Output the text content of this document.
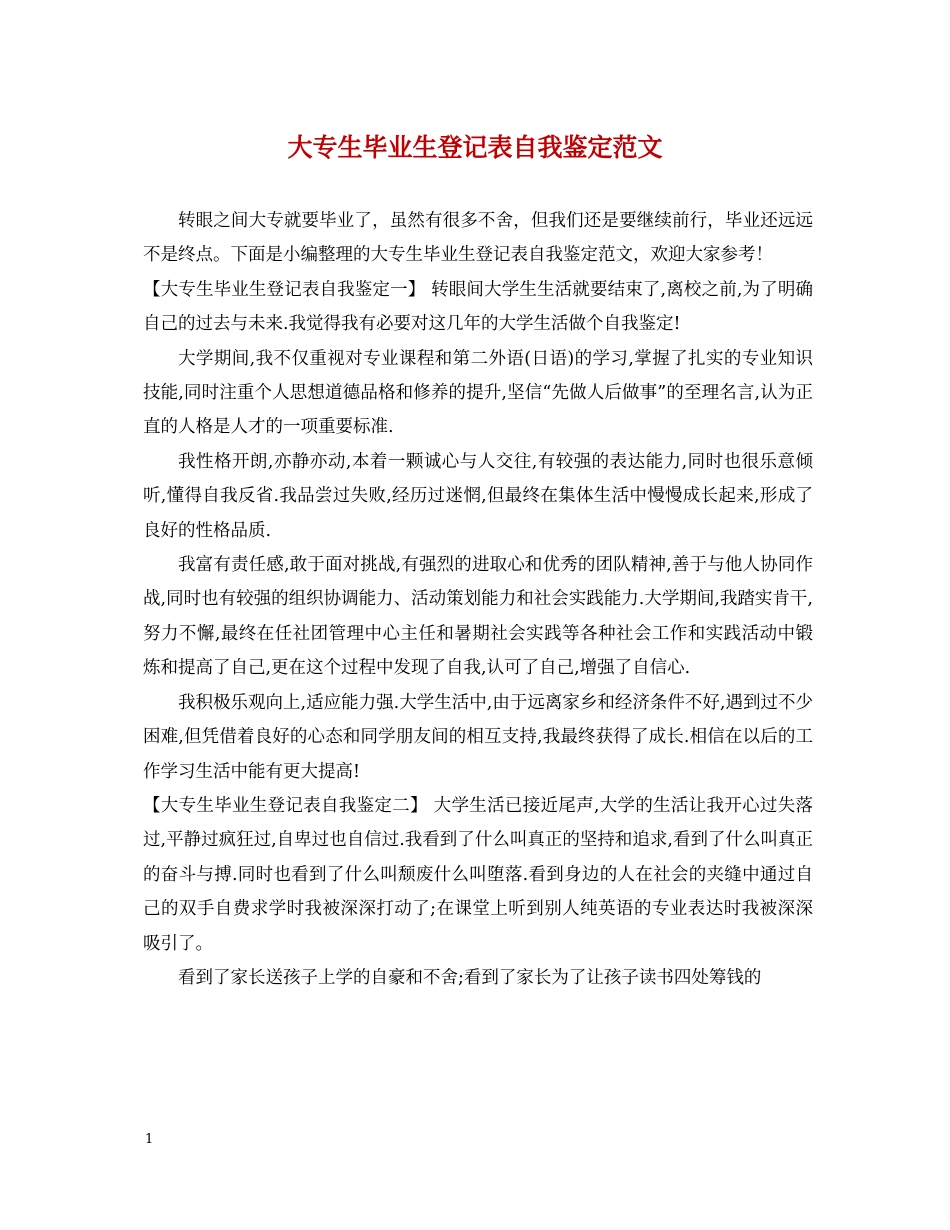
大专生毕业生登记表自我鉴定范文

转眼之间大专就要毕业了，虽然有很多不舍，但我们还是要继续前行，毕业还远远不是终点。下面是小编整理的大专生毕业生登记表自我鉴定范文，欢迎大家参考！

【大专生毕业生登记表自我鉴定一】 转眼间大学生生活就要结束了,离校之前,为了明确自己的过去与未来.我觉得我有必要对这几年的大学生活做个自我鉴定!

大学期间,我不仅重视对专业课程和第二外语(日语)的学习,掌握了扎实的专业知识技能,同时注重个人思想道德品格和修养的提升,坚信“先做人后做事”的至理名言,认为正直的人格是人才的一项重要标准.

我性格开朗,亦静亦动,本着一颗诚心与人交往,有较强的表达能力,同时也很乐意倾听,懂得自我反省.我品尝过失败,经历过迷惘,但最终在集体生活中慢慢成长起来,形成了良好的性格品质.

我富有责任感,敢于面对挑战,有强烈的进取心和优秀的团队精神,善于与他人协同作战,同时也有较强的组织协调能力、活动策划能力和社会实践能力.大学期间,我踏实肯干,努力不懈,最终在任社团管理中心主任和暑期社会实践等各种社会工作和实践活动中锻炼和提高了自己,更在这个过程中发现了自我,认可了自己,增强了自信心.

我积极乐观向上,适应能力强.大学生活中,由于远离家乡和经济条件不好,遇到过不少困难,但凭借着良好的心态和同学朋友间的相互支持,我最终获得了成长.相信在以后的工作学习生活中能有更大提高!

【大专生毕业生登记表自我鉴定二】 大学生活已接近尾声,大学的生活让我开心过失落过,平静过疯狂过,自卑过也自信过.我看到了什么叫真正的坚持和追求,看到了什么叫真正的奋斗与搏.同时也看到了什么叫颓废什么叫堕落.看到身边的人在社会的夹缝中通过自己的双手自费求学时我被深深打动了;在课堂上听到别人纯英语的专业表达时我被深深吸引了。

看到了家长送孩子上学的自豪和不舍;看到了家长为了让孩子读书四处筹钱的

1
